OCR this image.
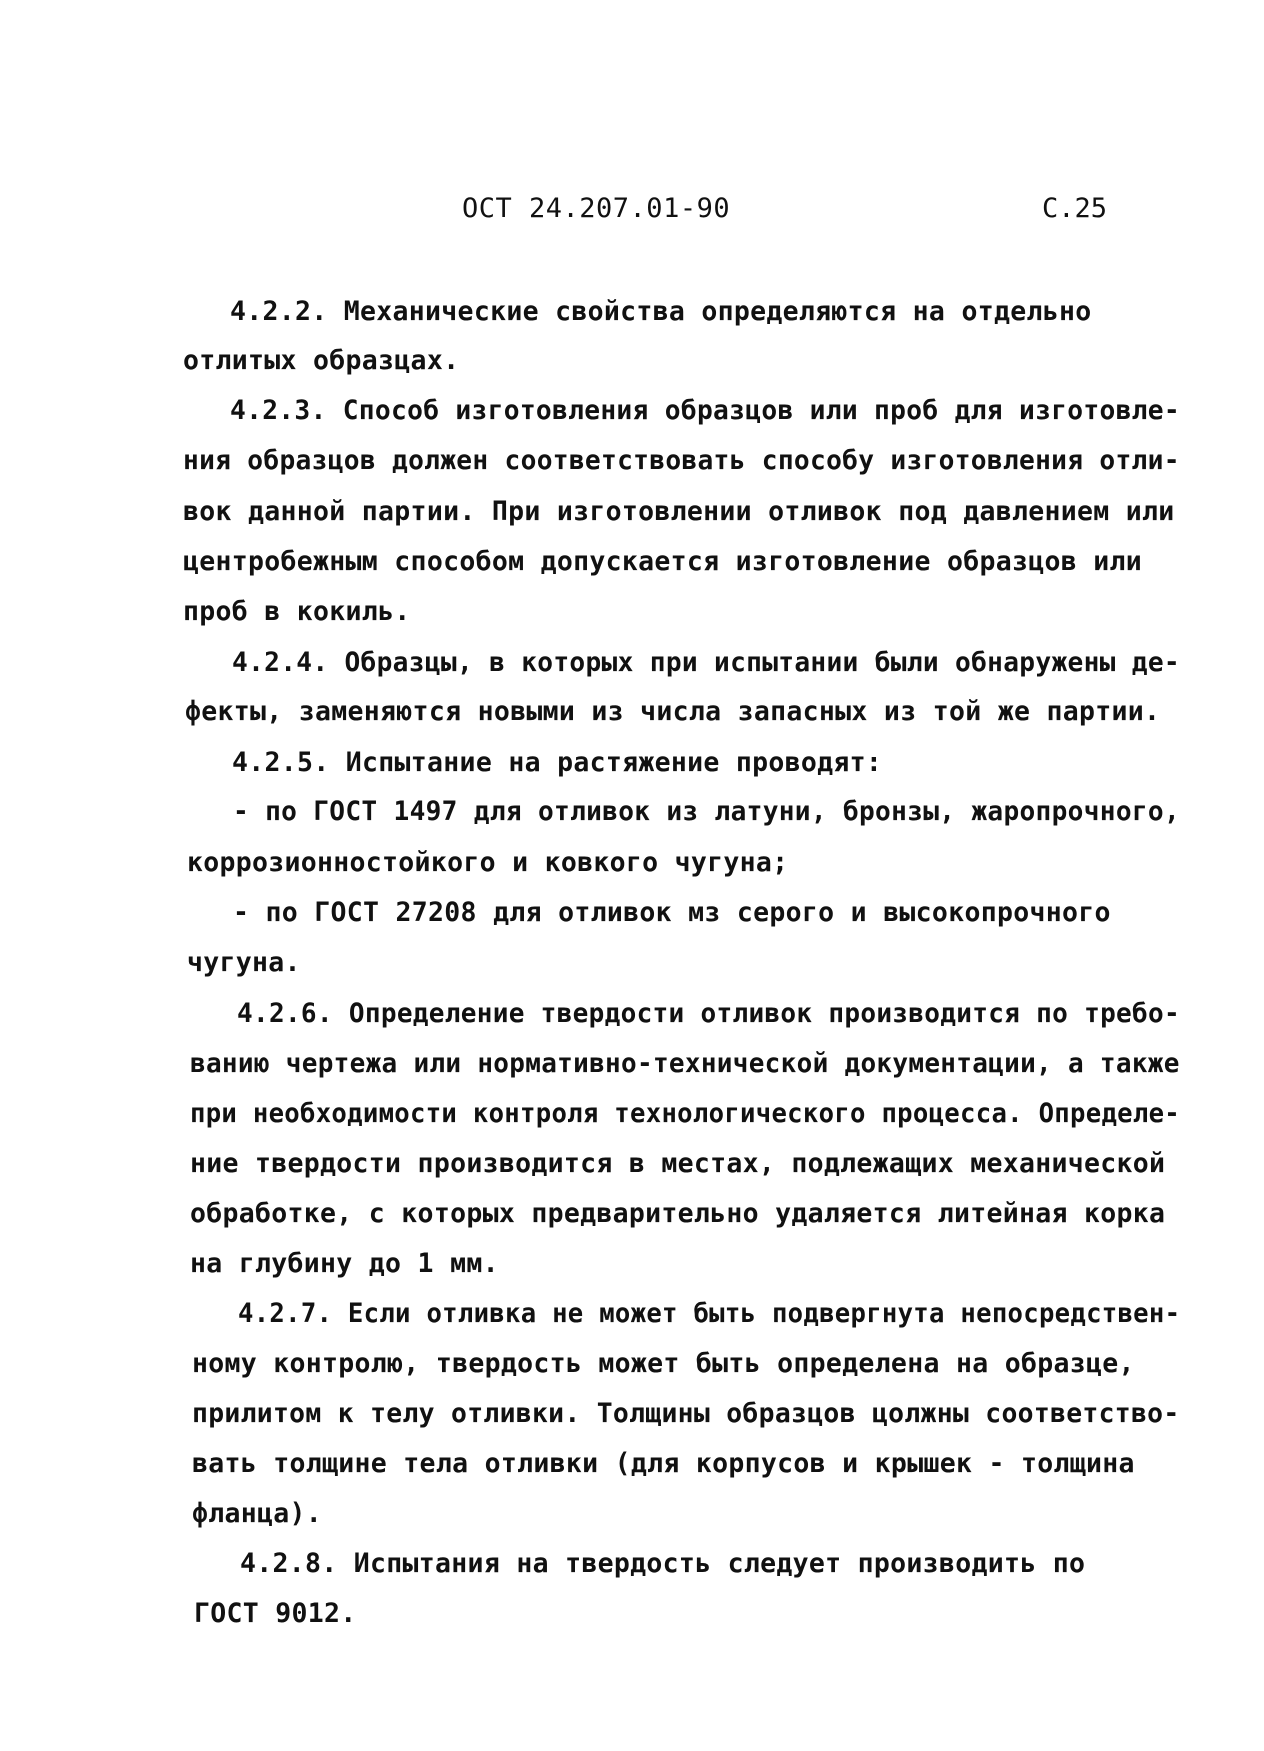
ОСТ 24.207.01-90	С.25
4.2.2. Механические свойства определяются на отдельно
отлитых образцах.
4.2.3. Способ изготовления образцов или проб для изготовле-
ния образцов должен соответствовать способу изготовления отли-
вок данной партии. При изготовлении отливок под давлением или
центробежным способом допускается изготовление образцов или
проб в кокиль.
4.2.4. Образцы, в которых при испытании были обнаружены де-
фекты, заменяются новыми из числа запасных из той же партии.
4.2.5. Испытание на растяжение проводят:
- по ГОСТ 1497 для отливок из латуни, бронзы, жаропрочного,
коррозионностойкого и ковкого чугуна;
- по ГОСТ 27208 для отливок мз серого и высокопрочного
чугуна.
4.2.6. Определение твердости отливок производится по требо-
ванию чертежа или нормативно-технической документации, а также
при необходимости контроля технологического процесса. Определе-
ние твердости производится в местах, подлежащих механической
обработке, с которых предварительно удаляется литейная корка
на глубину до 1 мм.
4.2.7. Если отливка не может быть подвергнута непосредствен-
ному контролю, твердость может быть определена на образце,
прилитом к телу отливки. Толщины образцов цолжны соответство-
вать толщине тела отливки (для корпусов и крышек - толщина
фланца).
4.2.8. Испытания на твердость следует производить по
ГОСТ 9012.
